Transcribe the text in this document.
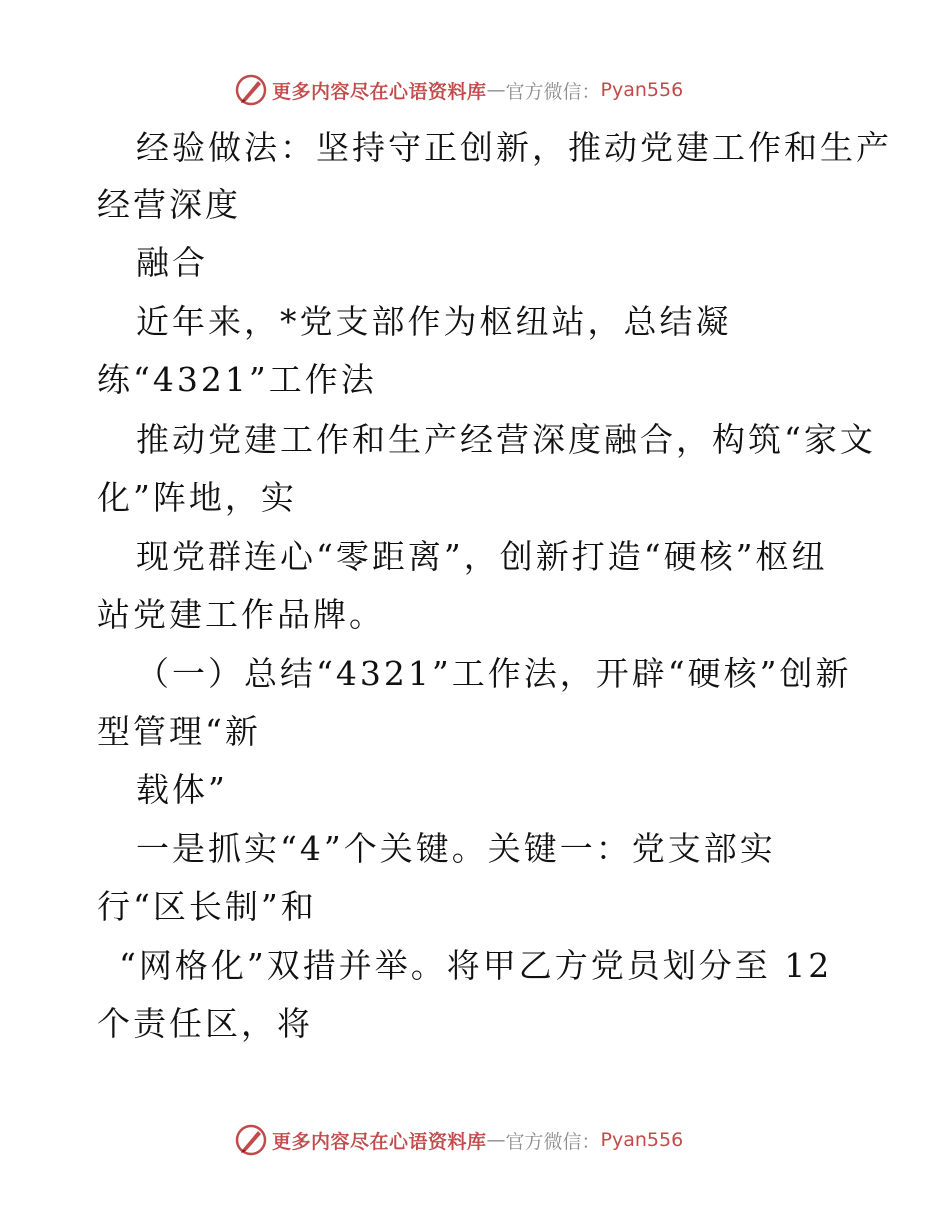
更多内容尽在心语资料库 — 官方微信： Pyan556
经验做法：坚持守正创新，推动党建工作和生产
经营深度
融合
近年来，*党支部作为枢纽站，总结凝
练“4321”工作法
推动党建工作和生产经营深度融合，构筑“家文
化”阵地，实
现党群连心“零距离”，创新打造“硬核”枢纽
站党建工作品牌。
（一）总结“4321”工作法，开辟“硬核”创新
型管理“新
载体”
一是抓实“4”个关键。关键一：党支部实
行“区长制”和
“网格化”双措并举。将甲乙方党员划分至 12
个责任区，将
更多内容尽在心语资料库 — 官方微信： Pyan556
